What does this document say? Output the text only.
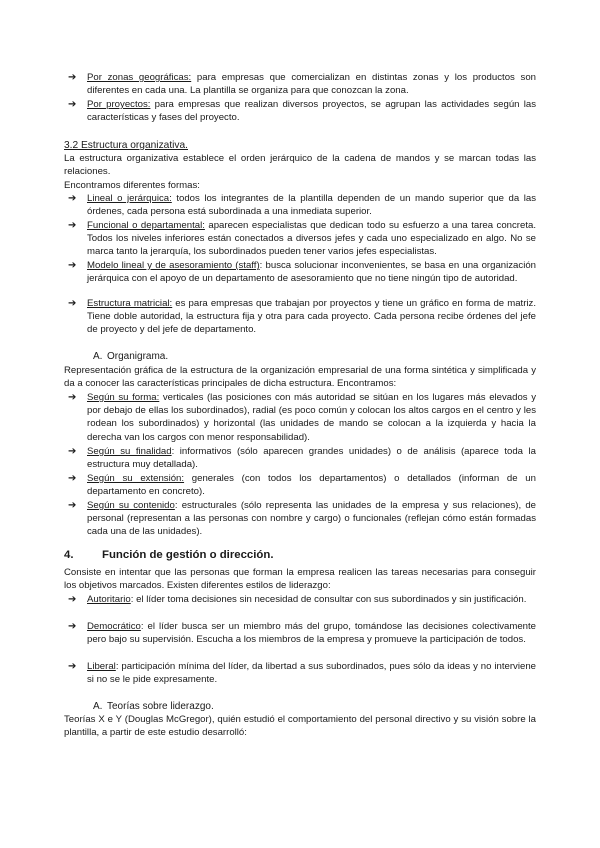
➔ Por zonas geográficas: para empresas que comercializan en distintas zonas y los productos son diferentes en cada una. La plantilla se organiza para que conozcan la zona.
➔ Por proyectos: para empresas que realizan diversos proyectos, se agrupan las actividades según las características y fases del proyecto.
3.2 Estructura organizativa.
La estructura organizativa establece el orden jerárquico de la cadena de mandos y se marcan todas las relaciones.
Encontramos diferentes formas:
➔ Lineal o jerárquica: todos los integrantes de la plantilla dependen de un mando superior que da las órdenes, cada persona está subordinada a una inmediata superior.
➔ Funcional o departamental: aparecen especialistas que dedican todo su esfuerzo a una tarea concreta. Todos los niveles inferiores están conectados a diversos jefes y cada uno especializado en algo. No se marca tanto la jerarquía, los subordinados pueden tener varios jefes especialistas.
➔ Modelo lineal y de asesoramiento (staff): busca solucionar inconvenientes, se basa en una organización jerárquica con el apoyo de un departamento de asesoramiento que no tiene ningún tipo de autoridad.
➔ Estructura matricial: es para empresas que trabajan por proyectos y tiene un gráfico en forma de matriz. Tiene doble autoridad, la estructura fija y otra para cada proyecto. Cada persona recibe órdenes del jefe de proyecto y del jefe de departamento.
A. Organigrama.
Representación gráfica de la estructura de la organización empresarial de una forma sintética y simplificada y da a conocer las características principales de dicha estructura. Encontramos:
➔ Según su forma: verticales (las posiciones con más autoridad se sitúan en los lugares más elevados y por debajo de ellas los subordinados), radial (es poco común y colocan los altos cargos en el centro y les rodean los subordinados) y horizontal (las unidades de mando se colocan a la izquierda y hacia la derecha van los cargos con menor responsabilidad).
➔ Según su finalidad: informativos (sólo aparecen grandes unidades) o de análisis (aparece toda la estructura muy detallada).
➔ Según su extensión: generales (con todos los departamentos) o detallados (informan de un departamento en concreto).
➔ Según su contenido: estructurales (sólo representa las unidades de la empresa y sus relaciones), de personal (representan a las personas con nombre y cargo) o funcionales (reflejan cómo están formadas cada una de las unidades).
4.	Función de gestión o dirección.
Consiste en intentar que las personas que forman la empresa realicen las tareas necesarias para conseguir los objetivos marcados. Existen diferentes estilos de liderazgo:
➔ Autoritario: el líder toma decisiones sin necesidad de consultar con sus subordinados y sin justificación.
➔ Democrático: el líder busca ser un miembro más del grupo, tomándose las decisiones colectivamente pero bajo su supervisión. Escucha a los miembros de la empresa y promueve la participación de todos.
➔ Liberal: participación mínima del líder, da libertad a sus subordinados, pues sólo da ideas y no interviene si no se le pide expresamente.
A. Teorías sobre liderazgo.
Teorías X e Y (Douglas McGregor), quién estudió el comportamiento del personal directivo y su visión sobre la plantilla, a partir de este estudio desarrolló:
